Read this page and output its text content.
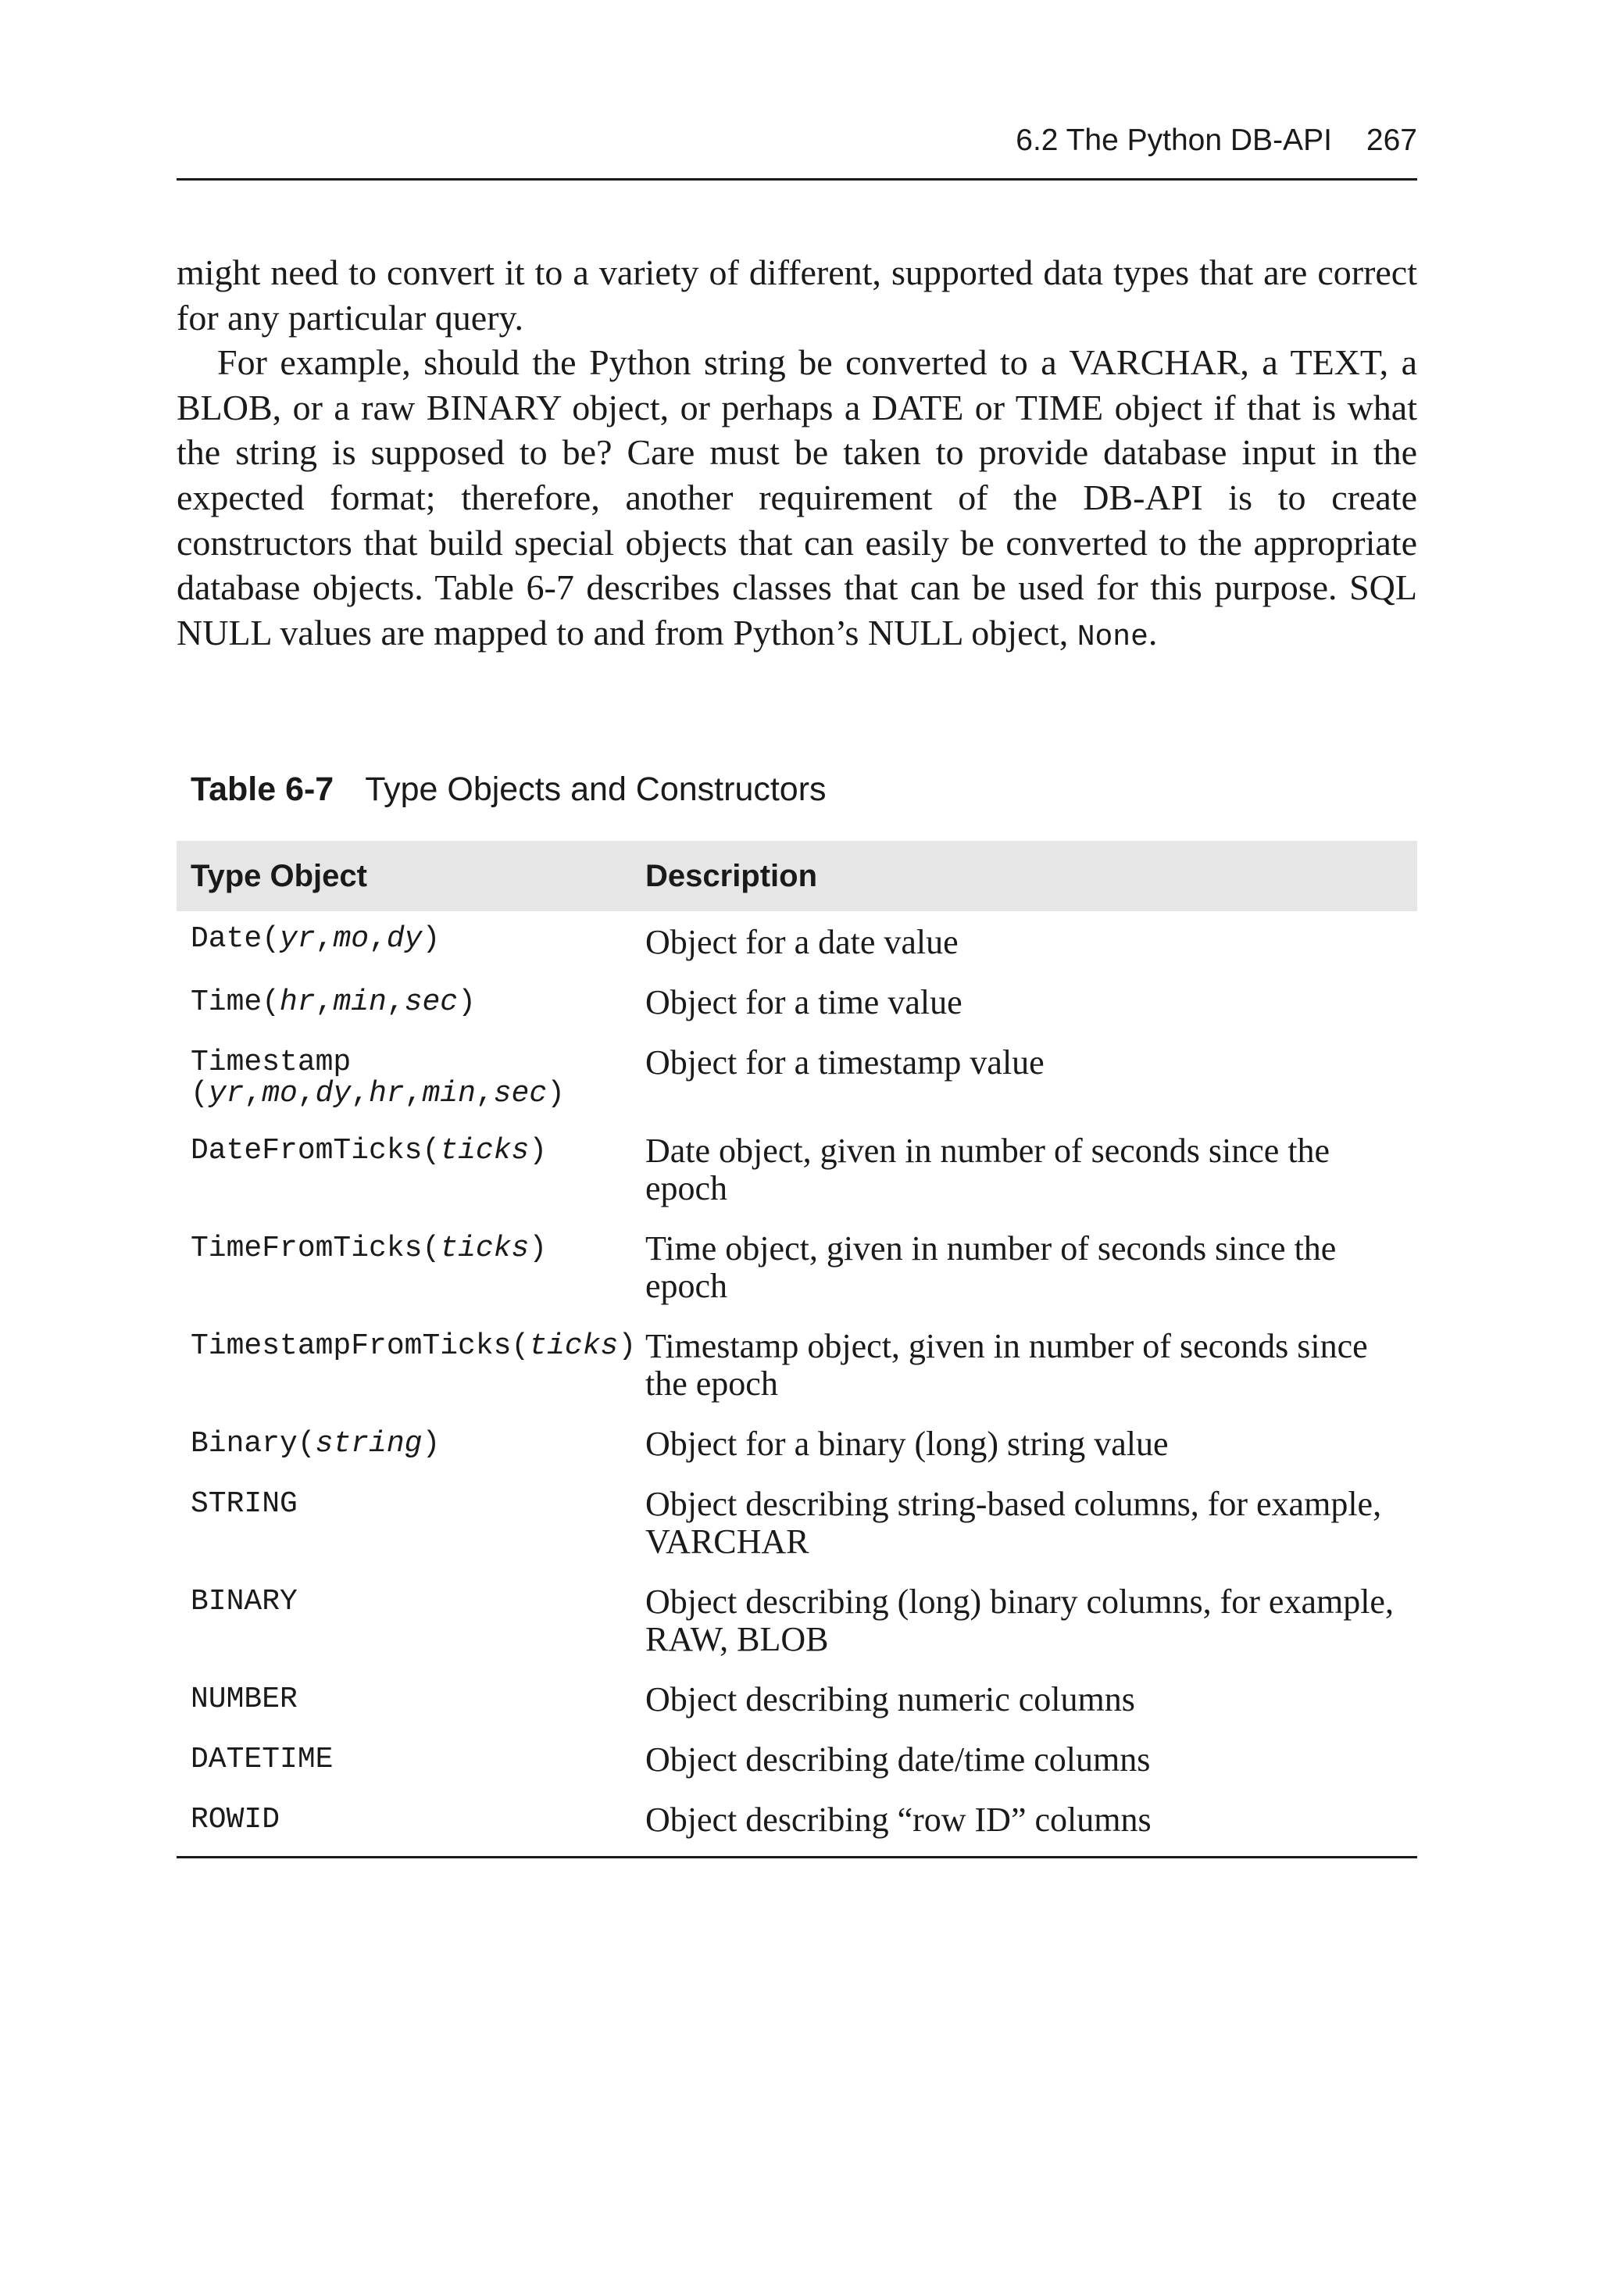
6.2 The Python DB-API 267

might need to convert it to a variety of different, supported data types that are correct for any particular query.

For example, should the Python string be converted to a VARCHAR, a TEXT, a BLOB, or a raw BINARY object, or perhaps a DATE or TIME object if that is what the string is supposed to be? Care must be taken to provide database input in the expected format; therefore, another requirement of the DB-API is to create constructors that build special objects that can easily be converted to the appropriate database objects. Table 6-7 describes classes that can be used for this purpose. SQL NULL values are mapped to and from Python’s NULL object, None.

Table 6-7 Type Objects and Constructors
Type Object	Description
Date(yr,mo,dy)	Object for a date value
Time(hr,min,sec)	Object for a time value
Timestamp
(yr,mo,dy,hr,min,sec)	Object for a timestamp value
DateFromTicks(ticks)	Date object, given in number of seconds since the epoch
TimeFromTicks(ticks)	Time object, given in number of seconds since the epoch
TimestampFromTicks(ticks)	Timestamp object, given in number of seconds since the epoch
Binary(string)	Object for a binary (long) string value
STRING	Object describing string-based columns, for example, VARCHAR
BINARY	Object describing (long) binary columns, for example, RAW, BLOB
NUMBER	Object describing numeric columns
DATETIME	Object describing date/time columns
ROWID	Object describing “row ID” columns
